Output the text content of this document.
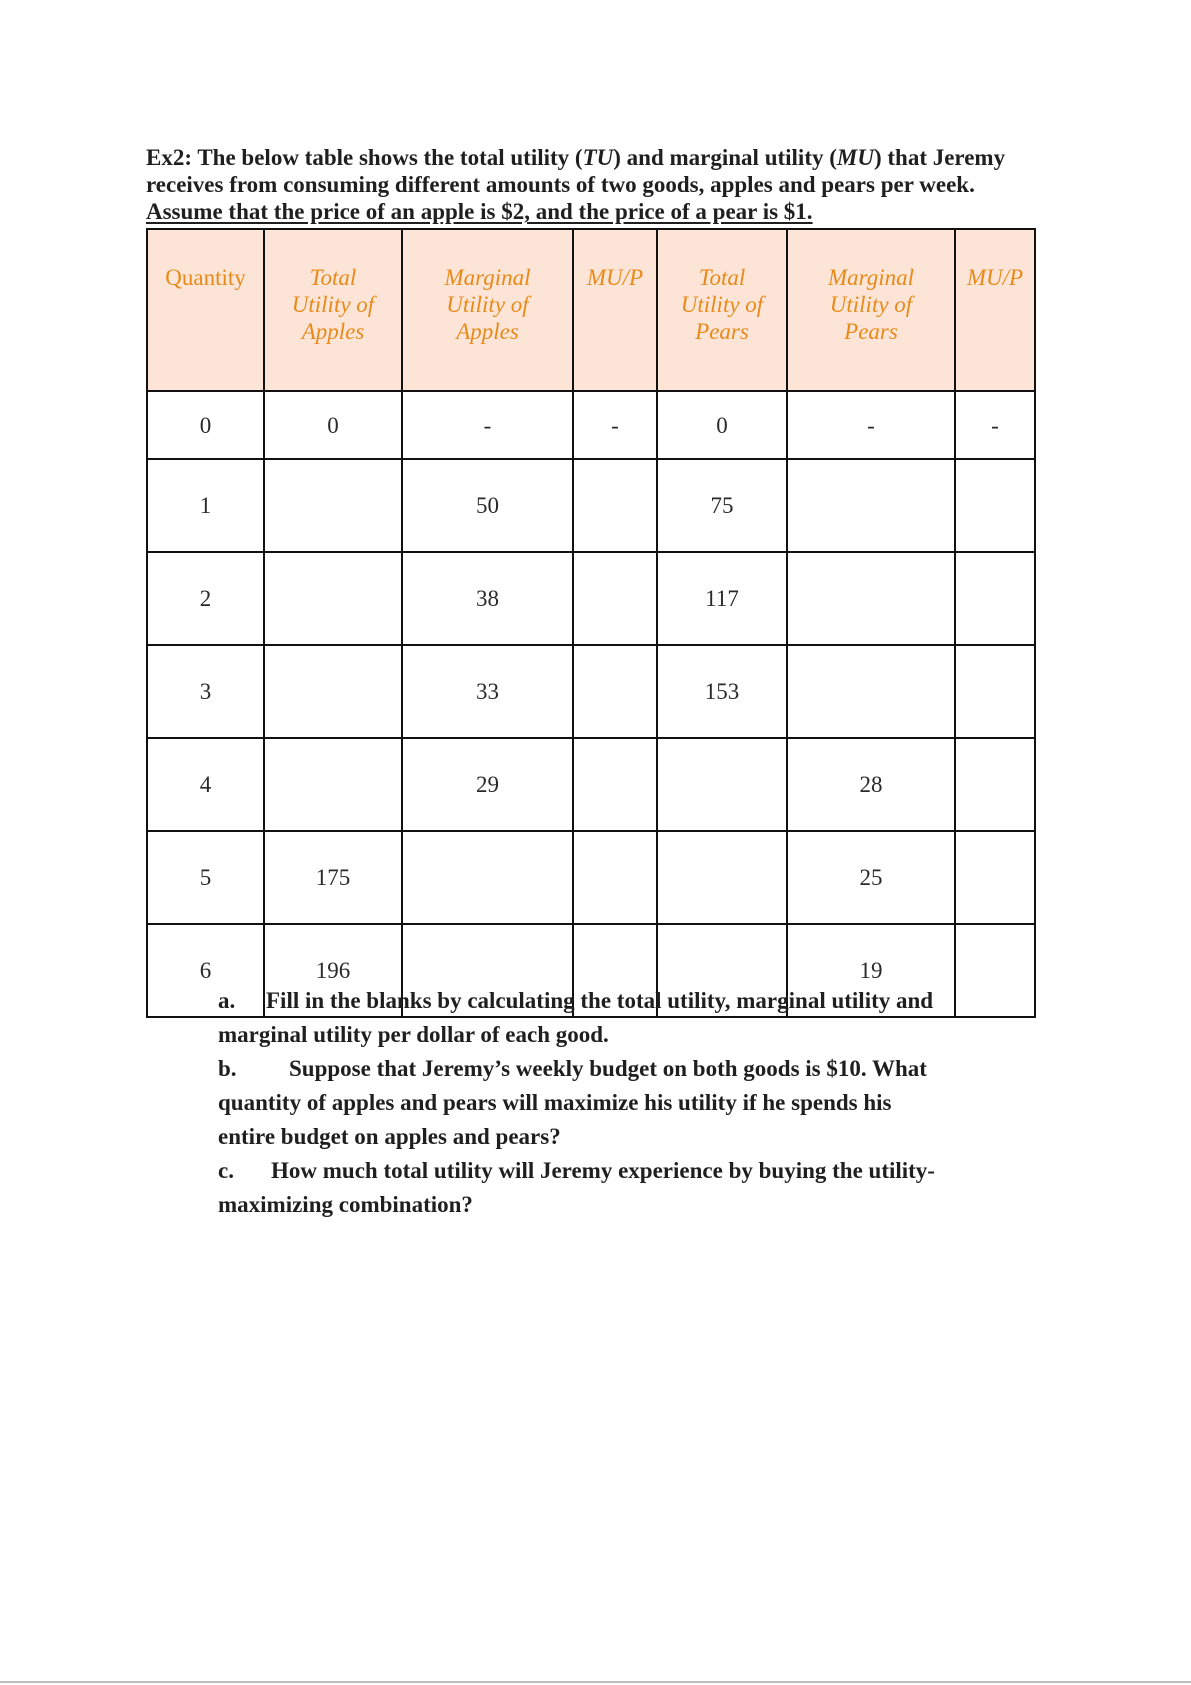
Ex2: The below table shows the total utility (TU) and marginal utility (MU) that Jeremy
receives from consuming different amounts of two goods, apples and pears per week.
Assume that the price of an apple is $2, and the price of a pear is $1.
Quantity	Total
Utility of
Apples	Marginal
Utility of
Apples	MU/P	Total
Utility of
Pears	Marginal
Utility of
Pears	MU/P
0	0	-	-	0	-	-
1		50		75		
2		38		117		
3		33		153		
4		29			28	
5	175				25	
6	196				19	

a. Fill in the blanks by calculating the total utility, marginal utility and

marginal utility per dollar of each good.

b. Suppose that Jeremy’s weekly budget on both goods is $10. What

quantity of apples and pears will maximize his utility if he spends his

entire budget on apples and pears?

c. How much total utility will Jeremy experience by buying the utility-

maximizing combination?
